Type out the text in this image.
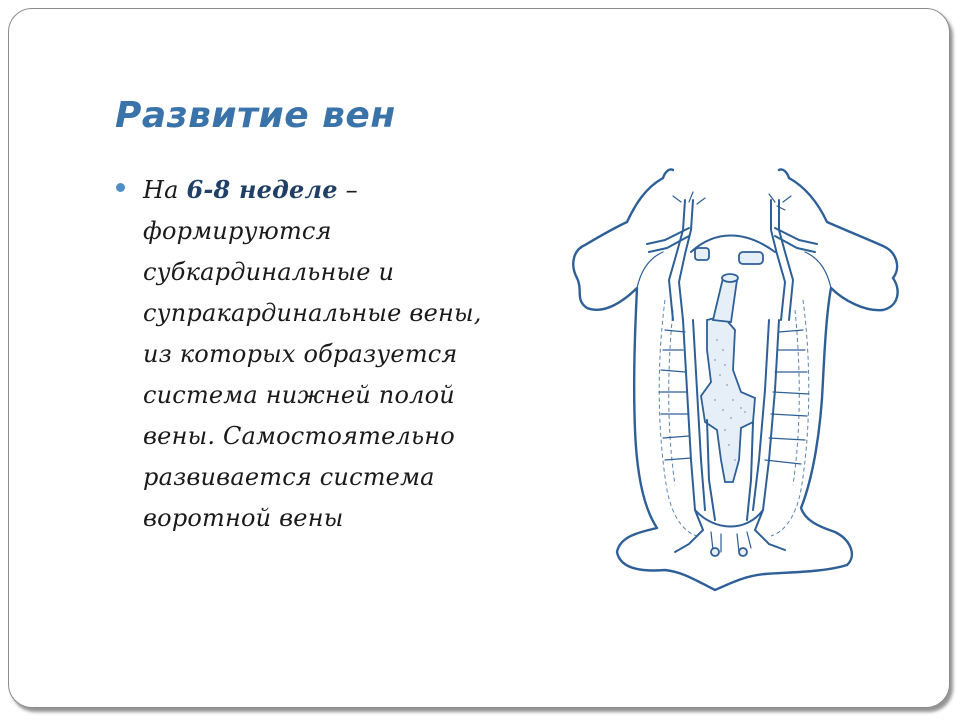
Развитие вен

На 6-8 неделе – формируются субкардинальные и супракардинальные вены, из которых образуется система нижней полой вены. Самостоятельно развивается система воротной вены
